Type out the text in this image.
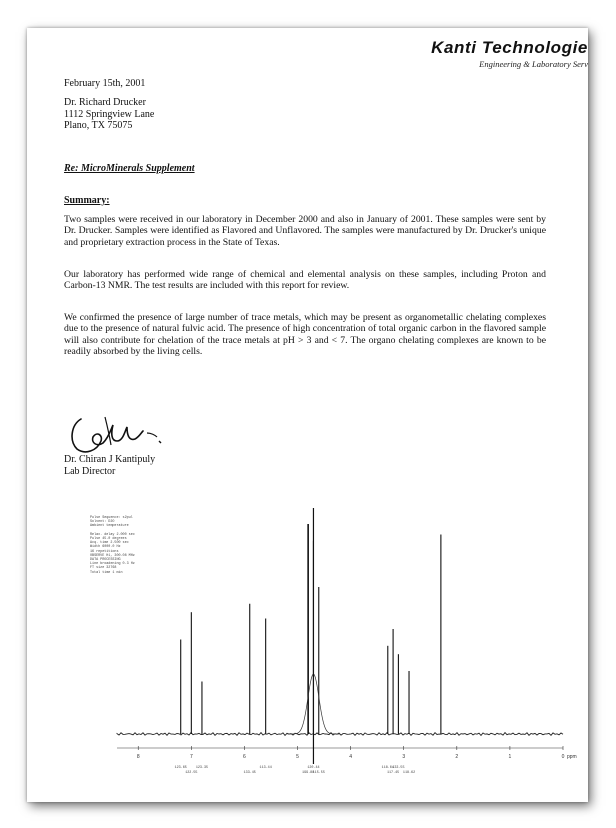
Kanti Technologie
Engineering & Laboratory Serv
February 15th, 2001
Dr. Richard Drucker
1112 Springview Lane
Plano, TX 75075
Re: MicroMinerals Supplement
Summary:

Two samples were received in our laboratory in December 2000 and also in January of 2001. These samples were sent by Dr. Drucker. Samples were identified as Flavored and Unflavored. The samples were manufactured by Dr. Drucker's unique and proprietary extraction process in the State of Texas.

Our laboratory has performed wide range of chemical and elemental analysis on these samples, including Proton and Carbon-13 NMR. The test results are included with this report for review.

We confirmed the presence of large number of trace metals, which may be present as organometallic chelating complexes due to the presence of natural fulvic acid. The presence of high concentration of total organic carbon in the flavored sample will also contribute for chelation of the trace metals at pH > 3 and < 7. The organo chelating complexes are known to be readily absorbed by the living cells.

Dr. Chiran J Kantipuly
Lab Director
Pulse Sequence: s2pul
Solvent: D2O
Ambient temperature

Relax. delay 2.000 sec
Pulse 45.0 degrees
Acq. time 2.500 sec
Width 6000.0 Hz
16 repetitions
OBSERVE H1, 300.08 MHz
DATA PROCESSING
Line broadening 0.3 Hz
FT size 32768
Total time 1 min
8	7	6	5	4	3	2	1	0 ppm
123.65
122.55
123.35
133.45
113.44
199.88
120.44
115.55
118.64
117.45
133.55
118.62
